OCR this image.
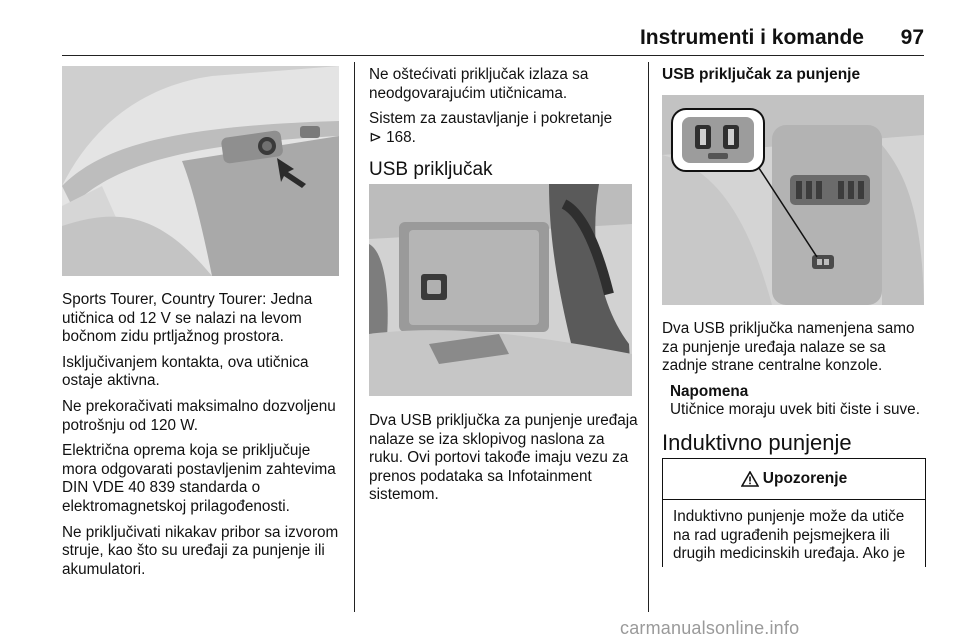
Instrumenti i komande 97

Sports Tourer, Country Tourer: Jedna utičnica od 12 V se nalazi na levom bočnom zidu prtljažnog prostora.

Isključivanjem kontakta, ova utičnica ostaje aktivna.

Ne prekoračivati maksimalno dozvoljenu potrošnju od 120 W.

Električna oprema koja se priključuje mora odgovarati postavljenim zahtevima DIN VDE 40 839 standarda o elektromagnetskoj prilagođenosti.

Ne priključivati nikakav pribor sa izvorom struje, kao što su uređaji za punjenje ili akumulatori.

Ne oštećivati priključak izlaza sa neodgovarajućim utičnicama.

Sistem za zaustavljanje i pokretanje
⊳ 168.

USB priključak

Dva USB priključka za punjenje uređaja nalaze se iza sklopivog naslona za ruku. Ovi portovi takođe imaju vezu za prenos podataka sa Infotainment sistemom.

USB priključak za punjenje

Dva USB priključka namenjena samo za punjenje uređaja nalaze se sa zadnje strane centralne konzole.

Napomena
Utičnice moraju uvek biti čiste i suve.
Induktivno punjenje
Upozorenje
Induktivno punjenje može da utiče na rad ugrađenih pejsmejkera ili drugih medicinskih uređaja. Ako je
carmanualsonline.info
